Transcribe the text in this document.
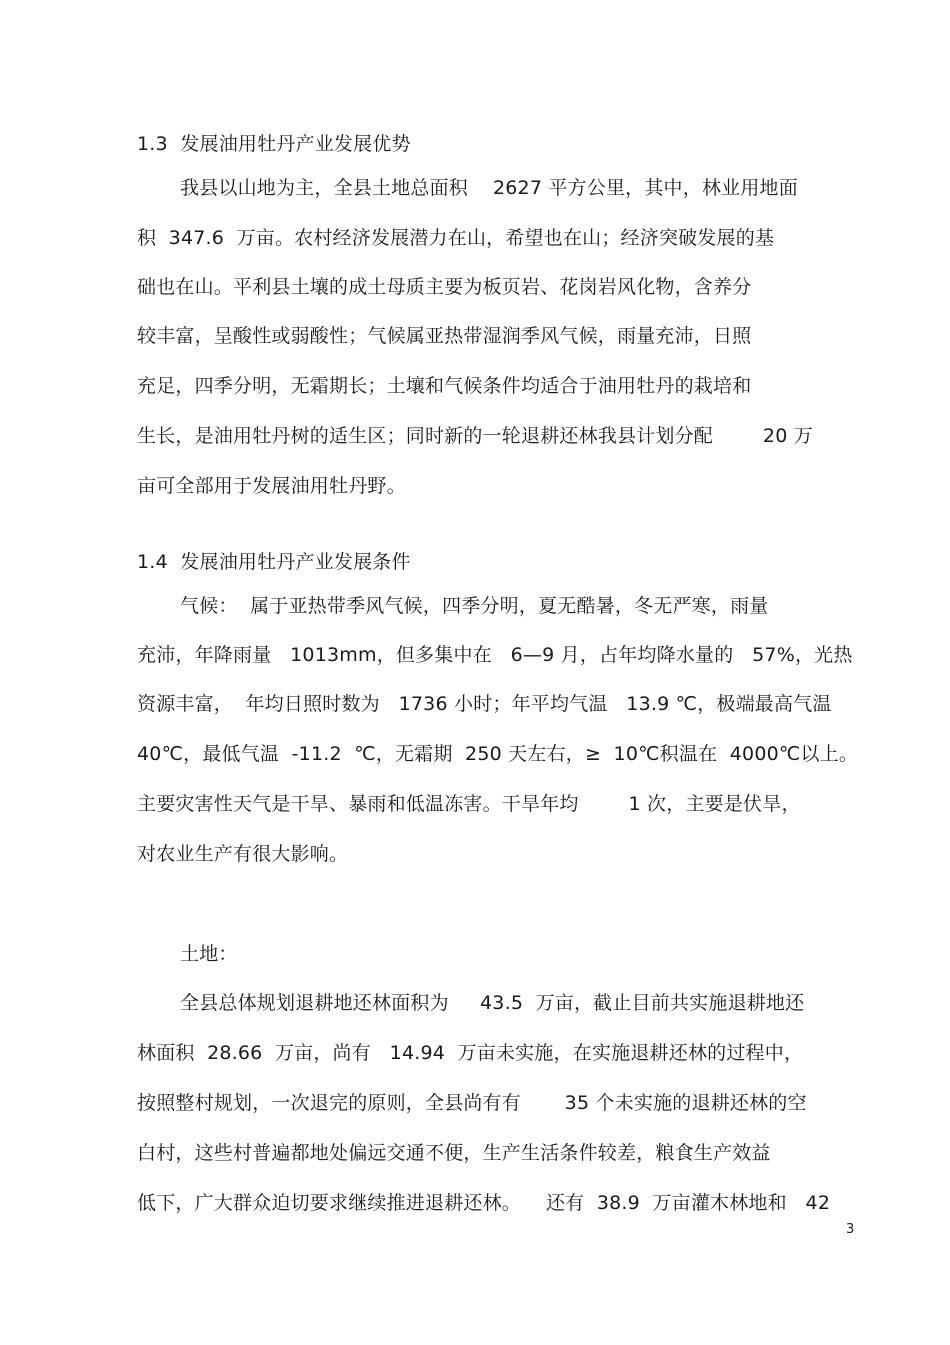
1.3  发展油用牡丹产业发展优势
我县以山地为主，全县土地总面积    2627 平方公里，其中，林业用地面
积  347.6  万亩。农村经济发展潜力在山，希望也在山；经济突破发展的基
础也在山。平利县土壤的成土母质主要为板页岩、花岗岩风化物，含养分
较丰富，呈酸性或弱酸性；气候属亚热带湿润季风气候，雨量充沛，日照
充足，四季分明，无霜期长；土壤和气候条件均适合于油用牡丹的栽培和
生长，是油用牡丹树的适生区；同时新的一轮退耕还林我县计划分配        20 万
亩可全部用于发展油用牡丹野。
1.4  发展油用牡丹产业发展条件
气候：  属于亚热带季风气候，四季分明，夏无酷暑，冬无严寒，雨量
充沛，年降雨量   1013mm，但多集中在   6—9 月，占年均降水量的   57%，光热
资源丰富，  年均日照时数为   1736 小时；年平均气温   13.9 ℃，极端最高气温
40℃，最低气温  -11.2  ℃，无霜期  250 天左右，≥  10℃积温在  4000℃以上。
主要灾害性天气是干旱、暴雨和低温冻害。干旱年均        1 次，主要是伏旱，
对农业生产有很大影响。
土地：
全县总体规划退耕地还林面积为     43.5  万亩，截止目前共实施退耕地还
林面积  28.66  万亩，尚有   14.94  万亩未实施，在实施退耕还林的过程中，
按照整村规划，一次退完的原则，全县尚有有       35 个未实施的退耕还林的空
白村，这些村普遍都地处偏远交通不便，生产生活条件较差，粮食生产效益
低下，广大群众迫切要求继续推进退耕还林。    还有  38.9  万亩灌木林地和   42
3
